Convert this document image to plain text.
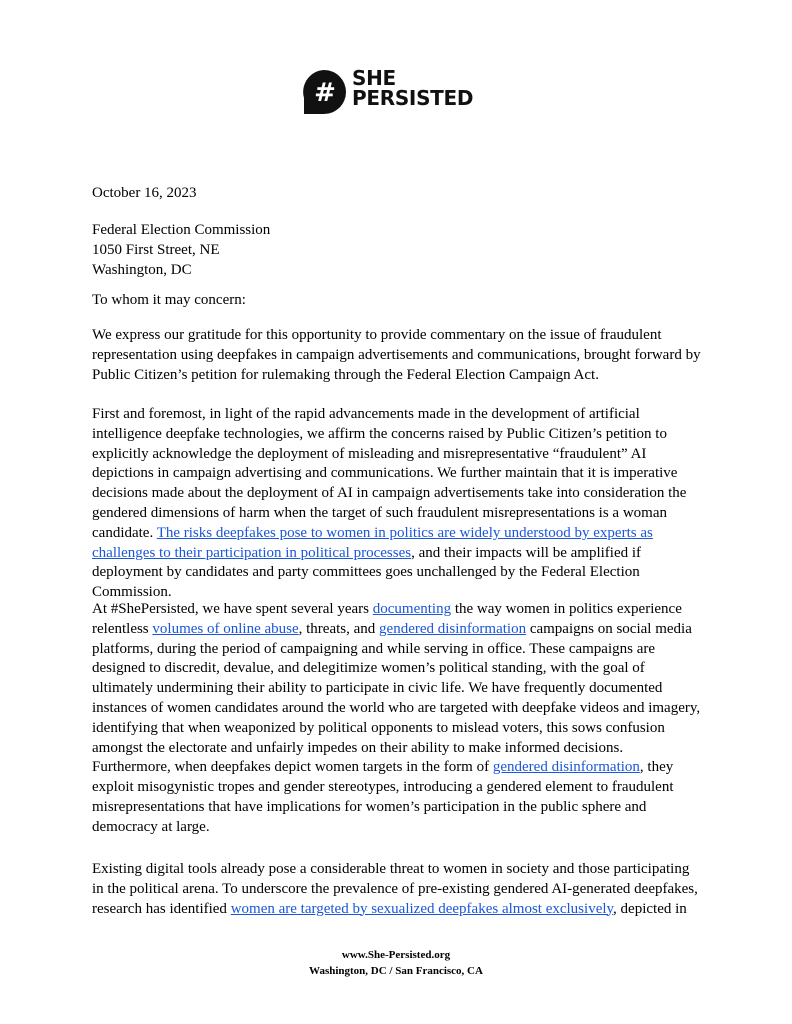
# SHE
PERSISTED
October 16, 2023
Federal Election Commission
1050 First Street, NE
Washington, DC
To whom it may concern:

We express our gratitude for this opportunity to provide commentary on the issue of fraudulent representation using deepfakes in campaign advertisements and communications, brought forward by Public Citizen’s petition for rulemaking through the Federal Election Campaign Act.

First and foremost, in light of the rapid advancements made in the development of artificial intelligence deepfake technologies, we affirm the concerns raised by Public Citizen’s petition to explicitly acknowledge the deployment of misleading and misrepresentative “fraudulent” AI depictions in campaign advertising and communications. We further maintain that it is imperative decisions made about the deployment of AI in campaign advertisements take into consideration the gendered dimensions of harm when the target of such fraudulent misrepresentations is a woman candidate. The risks deepfakes pose to women in politics are widely understood by experts as challenges to their participation in political processes, and their impacts will be amplified if deployment by candidates and party committees goes unchallenged by the Federal Election Commission.

At #ShePersisted, we have spent several years documenting the way women in politics experience relentless volumes of online abuse, threats, and gendered disinformation campaigns on social media platforms, during the period of campaigning and while serving in office. These campaigns are designed to discredit, devalue, and delegitimize women’s political standing, with the goal of ultimately undermining their ability to participate in civic life. We have frequently documented instances of women candidates around the world who are targeted with deepfake videos and imagery, identifying that when weaponized by political opponents to mislead voters, this sows confusion amongst the electorate and unfairly impedes on their ability to make informed decisions. Furthermore, when deepfakes depict women targets in the form of gendered disinformation, they exploit misogynistic tropes and gender stereotypes, introducing a gendered element to fraudulent misrepresentations that have implications for women’s participation in the public sphere and democracy at large.

Existing digital tools already pose a considerable threat to women in society and those participating in the political arena. To underscore the prevalence of pre-existing gendered AI-generated deepfakes, research has identified women are targeted by sexualized deepfakes almost exclusively, depicted in

www.She-Persisted.org
Washington, DC / San Francisco, CA
